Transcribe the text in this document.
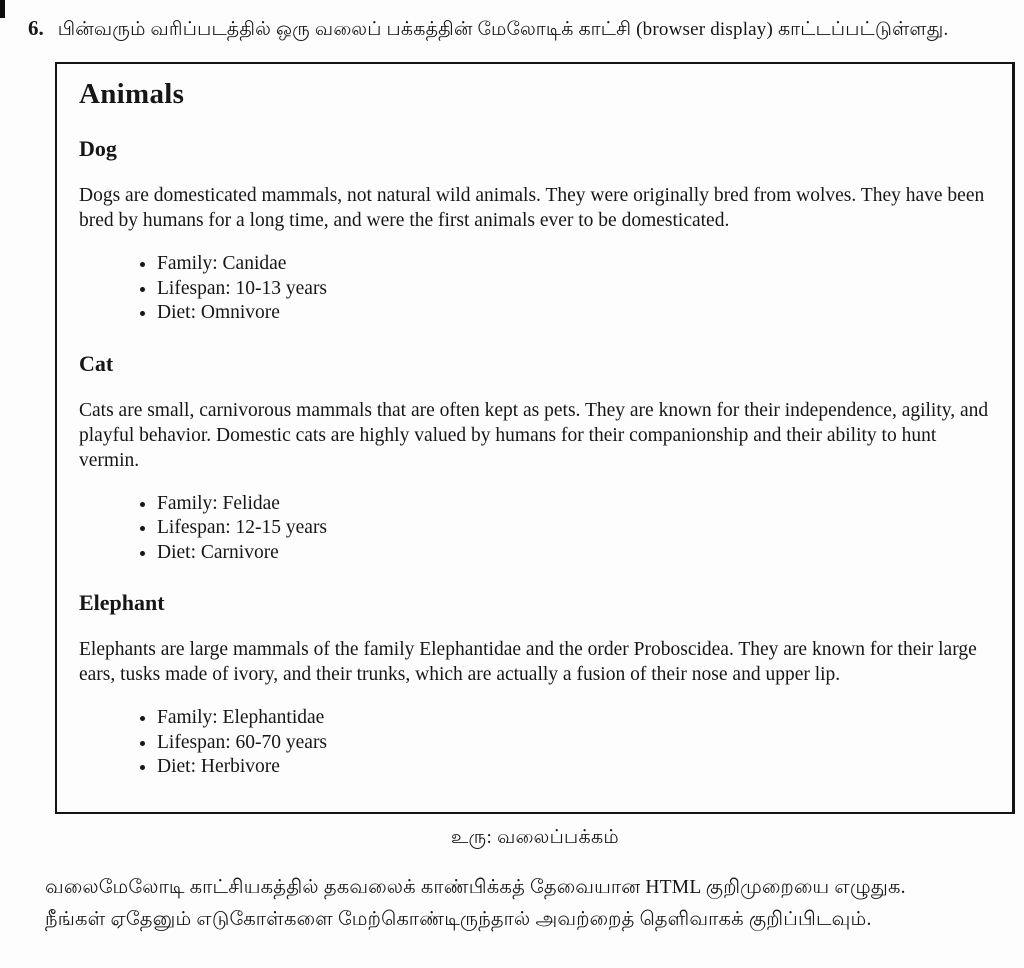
6. பின்வரும் வரிப்படத்தில் ஒரு வலைப் பக்கத்தின் மேலோடிக் காட்சி (browser display) காட்டப்பட்டுள்ளது.
Animals
Dog

Dogs are domesticated mammals, not natural wild animals. They were originally bred from wolves. They have been bred by humans for a long time, and were the first animals ever to be domesticated.

• Family: Canidae
• Lifespan: 10-13 years
• Diet: Omnivore
Cat

Cats are small, carnivorous mammals that are often kept as pets. They are known for their independence, agility, and playful behavior. Domestic cats are highly valued by humans for their companionship and their ability to hunt vermin.

• Family: Felidae
• Lifespan: 12-15 years
• Diet: Carnivore
Elephant

Elephants are large mammals of the family Elephantidae and the order Proboscidea. They are known for their large ears, tusks made of ivory, and their trunks, which are actually a fusion of their nose and upper lip.

• Family: Elephantidae
• Lifespan: 60-70 years
• Diet: Herbivore
உரு: வலைப்பக்கம்
வலைமேலோடி காட்சியகத்தில் தகவலைக் காண்பிக்கத் தேவையான HTML குறிமுறையை எழுதுக.
நீங்கள் ஏதேனும் எடுகோள்களை மேற்கொண்டிருந்தால் அவற்றைத் தெளிவாகக் குறிப்பிடவும்.
